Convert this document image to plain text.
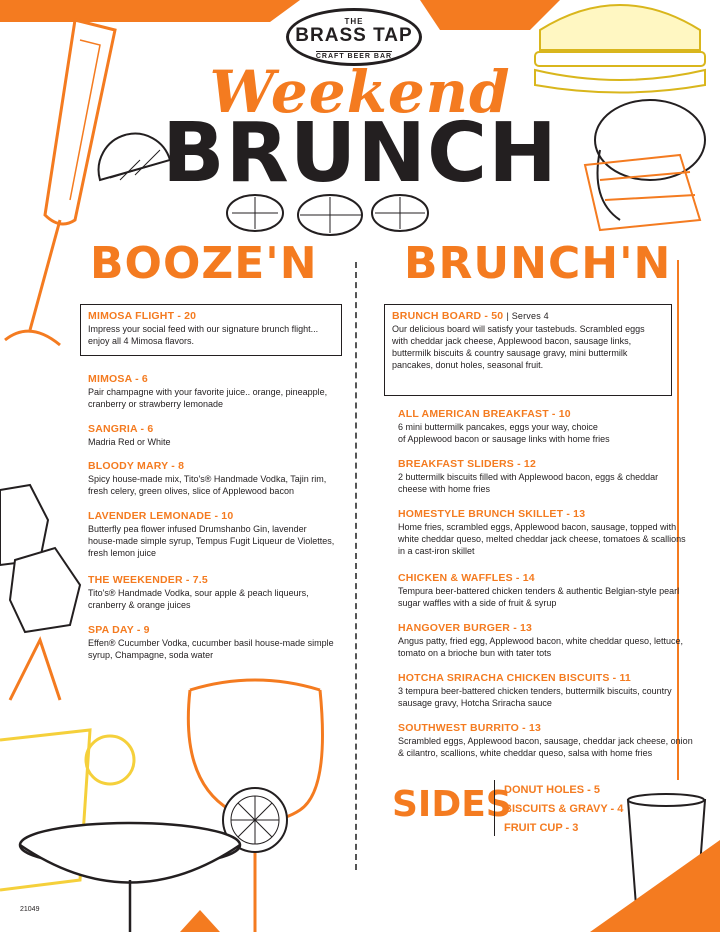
THE
BRASS TAP
CRAFT BEER BAR
Weekend
BRUNCH
BOOZE'N BRUNCH'N
MIMOSA FLIGHT - 20
Impress your social feed with our signature brunch flight...
enjoy all 4 Mimosa flavors.
MIMOSA - 6
Pair champagne with your favorite juice.. orange, pineapple,
cranberry or strawberry lemonade
SANGRIA - 6
Madria Red or White
BLOODY MARY - 8
Spicy house-made mix, Tito's® Handmade Vodka, Tajin rim,
fresh celery, green olives, slice of Applewood bacon
LAVENDER LEMONADE - 10
Butterfly pea flower infused Drumshanbo Gin, lavender
house-made simple syrup, Tempus Fugit Liqueur de Violettes,
fresh lemon juice
THE WEEKENDER - 7.5
Tito's® Handmade Vodka, sour apple & peach liqueurs,
cranberry & orange juices
SPA DAY - 9
Effen® Cucumber Vodka, cucumber basil house-made simple
syrup, Champagne, soda water
BRUNCH BOARD - 50 | Serves 4
Our delicious board will satisfy your tastebuds. Scrambled eggs
with cheddar jack cheese, Applewood bacon, sausage links,
buttermilk biscuits & country sausage gravy, mini buttermilk
pancakes, donut holes, seasonal fruit.
ALL AMERICAN BREAKFAST - 10
6 mini buttermilk pancakes, eggs your way, choice
of Applewood bacon or sausage links with home fries
BREAKFAST SLIDERS - 12
2 buttermilk biscuits filled with Applewood bacon, eggs & cheddar
cheese with home fries
HOMESTYLE BRUNCH SKILLET - 13
Home fries, scrambled eggs, Applewood bacon, sausage, topped with
white cheddar queso, melted cheddar jack cheese, tomatoes & scallions
in a cast-iron skillet
CHICKEN & WAFFLES - 14
Tempura beer-battered chicken tenders & authentic Belgian-style pearl
sugar waffles with a side of fruit & syrup
HANGOVER BURGER - 13
Angus patty, fried egg, Applewood bacon, white cheddar queso, lettuce,
tomato on a brioche bun with tater tots
HOTCHA SRIRACHA CHICKEN BISCUITS - 11
3 tempura beer-battered chicken tenders, buttermilk biscuits, country
sausage gravy, Hotcha Sriracha sauce
SOUTHWEST BURRITO - 13
Scrambled eggs, Applewood bacon, sausage, cheddar jack cheese, onion
& cilantro, scallions, white cheddar queso, salsa with home fries
SIDES
DONUT HOLES - 5
BISCUITS & GRAVY - 4
FRUIT CUP - 3
21049
